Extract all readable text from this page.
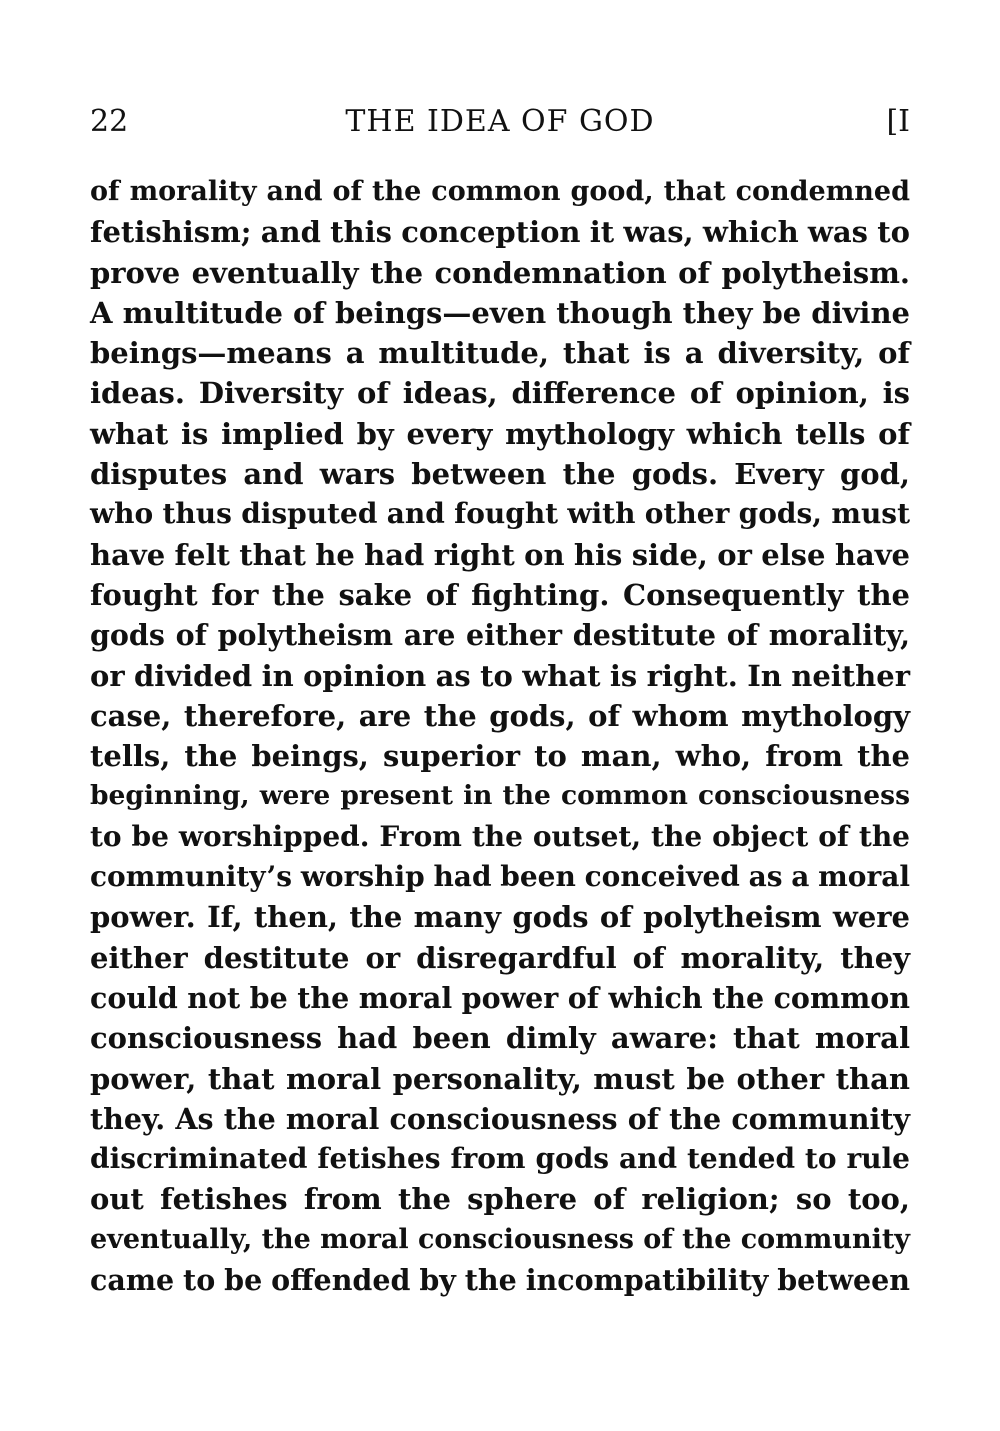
22	THE IDEA OF GOD	[I
of morality and of the common good, that condemned
fetishism; and this conception it was, which was to
prove eventually the condemnation of polytheism.
A multitude of beings—even though they be divine
beings—means a multitude, that is a diversity, of
ideas. Diversity of ideas, difference of opinion, is
what is implied by every mythology which tells of
disputes and wars between the gods. Every god,
who thus disputed and fought with other gods, must
have felt that he had right on his side, or else have
fought for the sake of fighting. Consequently the
gods of polytheism are either destitute of morality,
or divided in opinion as to what is right. In neither
case, therefore, are the gods, of whom mythology
tells, the beings, superior to man, who, from the
beginning, were present in the common consciousness
to be worshipped. From the outset, the object of the
community’s worship had been conceived as a moral
power. If, then, the many gods of polytheism were
either destitute or disregardful of morality, they
could not be the moral power of which the common
consciousness had been dimly aware: that moral
power, that moral personality, must be other than
they. As the moral consciousness of the community
discriminated fetishes from gods and tended to rule
out fetishes from the sphere of religion; so too,
eventually, the moral consciousness of the community
came to be offended by the incompatibility between
